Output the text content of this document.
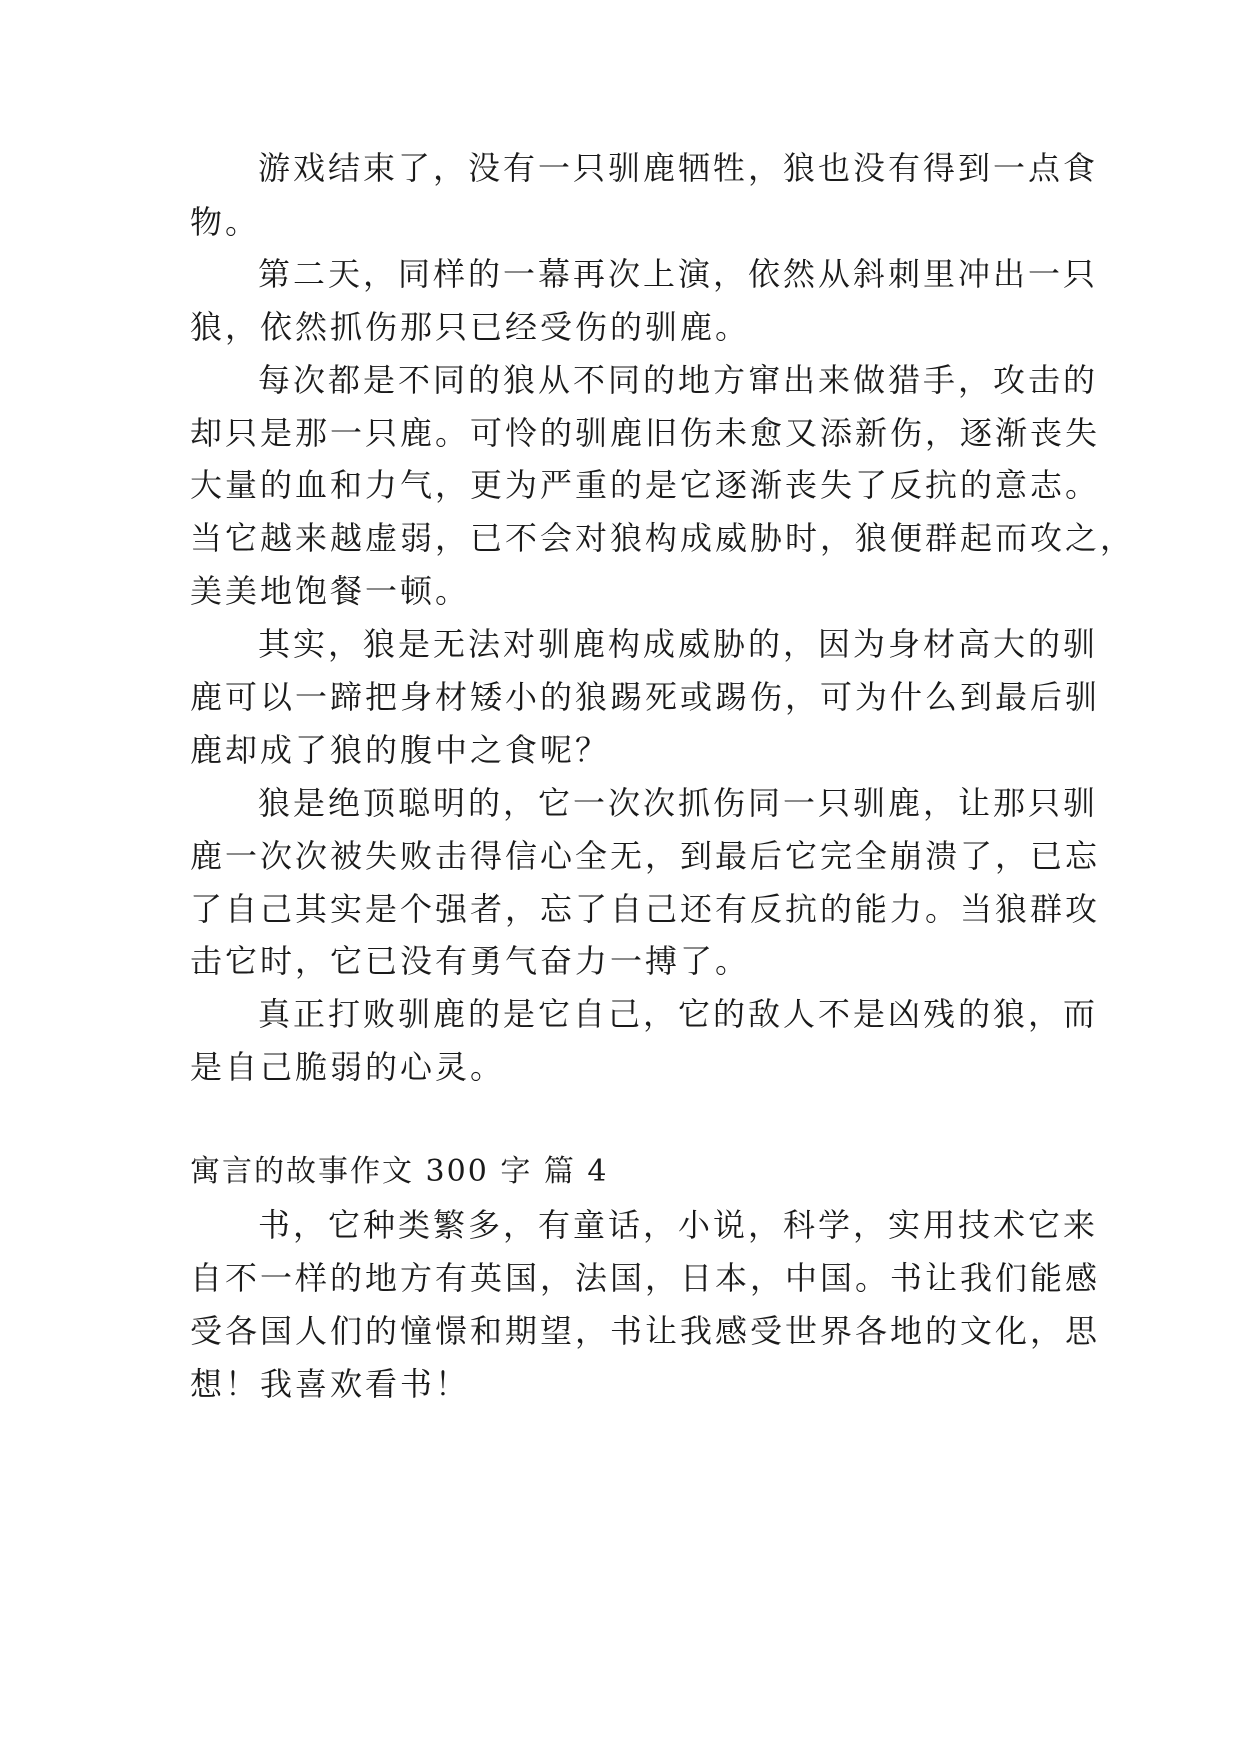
游戏结束了，没有一只驯鹿牺牲，狼也没有得到一点食
物。
第二天，同样的一幕再次上演，依然从斜刺里冲出一只
狼，依然抓伤那只已经受伤的驯鹿。
每次都是不同的狼从不同的地方窜出来做猎手，攻击的
却只是那一只鹿。可怜的驯鹿旧伤未愈又添新伤，逐渐丧失
大量的血和力气，更为严重的是它逐渐丧失了反抗的意志。
当它越来越虚弱，已不会对狼构成威胁时，狼便群起而攻之，
美美地饱餐一顿。
其实，狼是无法对驯鹿构成威胁的，因为身材高大的驯
鹿可以一蹄把身材矮小的狼踢死或踢伤，可为什么到最后驯
鹿却成了狼的腹中之食呢？
狼是绝顶聪明的，它一次次抓伤同一只驯鹿，让那只驯
鹿一次次被失败击得信心全无，到最后它完全崩溃了，已忘
了自己其实是个强者，忘了自己还有反抗的能力。当狼群攻
击它时，它已没有勇气奋力一搏了。
真正打败驯鹿的是它自己，它的敌人不是凶残的狼，而
是自己脆弱的心灵。
寓言的故事作文 300 字 篇 4
书，它种类繁多，有童话，小说，科学，实用技术它来
自不一样的地方有英国，法国，日本，中国。书让我们能感
受各国人们的憧憬和期望，书让我感受世界各地的文化，思
想！我喜欢看书！
